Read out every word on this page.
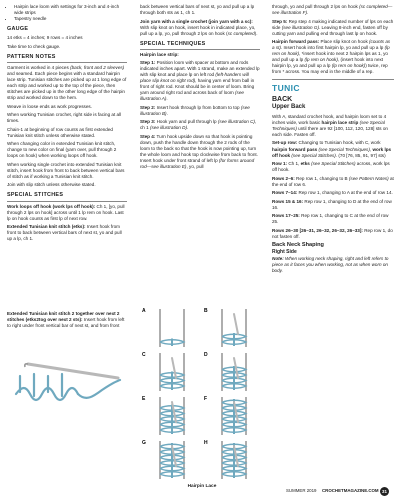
• Hairpin lace loom with settings for 3-inch and 4-inch wide strips
• Tapestry needle
GAUGE

14 etks = 4 inches; 9 rows = 4 inches

Take time to check gauge.

PATTERN NOTES

Garment is worked in 4 pieces (back, front and 2 sleeves) and seamed. Each piece begins with a standard hairpin lace strip. Tunisian stitches are picked up at 1 long edge of each strip and worked up to the top of the piece, then stitches are picked up in the other long edge of the hairpin strip and worked down to the hem.

Weave in loose ends as work progresses.

When working Tunisian crochet, right side is facing at all times.

Chain-1 at beginning of row counts as first extended Tunisian knit stitch unless otherwise stated.

When changing color in extended Tunisian knit stitch, change to new color on final (yarn over, pull through 2 loops on hook) when working loops off hook.

When working single crochet into extended Tunisian knit stitch, insert hook from front to back between vertical bars of stitch as if working a Tunisian knit stitch.

Join with slip stitch unless otherwise stated.

SPECIAL STITCHES

Work loops off hook (work lps off hook): Ch 1, [yo, pull through 2 lps on hook] across until 1 lp rem on hook. Last lp on hook counts as first lp of next row.

Extended Tunisian knit stitch (etks): Insert hook from front to back between vertical bars of next st, yo and pull up a lp, ch 1.

Extended Tunisian knit stitch 2 together over next 2 stitches (etks2tog over next 2 sts): Insert hook from left to right under front vertical bar of next st, and from front

back between vertical bars of next st, yo and pull up a lp through both sts as 1, ch 1.

Join yarn with a single crochet (join yarn with a sc): With slip knot on hook, insert hook in indicated place, yo, pull up a lp, yo, pull through 2 lps on hook (sc completed).

SPECIAL TECHNIQUES

Hairpin lace strip:

Step 1: Position loom with spacer at bottom and rods indicated inches apart. With 1 strand, make an extended lp with slip knot and place lp on left rod (left-handers will place slip knot on right rod), having yarn end from ball in front of right rod. Knot should be in center of loom. Bring yarn around right rod and across back of loom (see illustration A).

Step 2: Insert hook through lp from bottom to top (see illustration B).

Step 3: Hook yarn and pull through lp (see illustration C), ch 1 (see illustration D).

Step 4: Turn hook upside down so that hook is pointing down, push the handle down through the 2 rods of the loom to the back so that the hook is now pointing up, turn the whole loom and hook top clockwise from back to front. Insert hook under front strand of left lp (for forms around rod—see illustration E), yo, pull

A	B
C	D
E	F
G	H
Hairpin Lace

through, yo and pull through 2 lps on hook (sc completed—see illustration F).

Step 5: Rep step 4 making indicated number of lps on each side (see illustration G). Leaving 8-inch end, fasten off by cutting yarn and pulling end through last lp on hook.

Hairpin forward pass: Place slip knot on hook (counts as a st). Insert hook into first hairpin lp, yo and pull up a lp (lp rem on hook), *insert hook into next 2 hairpin lps as 1, yo and pull up a lp (lp rem on hook), (insert hook into next hairpin lp, yo and pull up a lp (lp rem on hook)) twice, rep from * across. You may end in the middle of a rep.

TUNIC
BACK
Upper Back

With A, standard crochet hook, and hairpin loom set to 4 inches wide, work basic hairpin lace strip (see Special Techniques) until there are 92 [100, 112, 120, 128] sts on each side. Fasten off.

Set-up row: Changing to Tunisian hook, with C, work hairpin forward pass (see Special Techniques), work lps off hook (see Special Stitches). (70 [76, 85, 91, 97] sts)

Row 1: Ch 1, etks (see Special Stitches) across, work lps off hook.

Rows 2–6: Rep row 1, changing to B (see Pattern Notes) at the end of row 6.

Rows 7–14: Rep row 1, changing to A at the end of row 14.

Rows 15 & 16: Rep row 1, changing to D at the end of row 16.

Rows 17–25: Rep row 1, changing to C at the end of row 25.

Rows 26–30 [26–31, 26–32, 26–32, 26–33]: Rep row 1, do not fasten off.

Back Neck Shaping
Right Side

Note: When working neck shaping, right and left refers to piece as it faces you when working, not as when worn on body.

SUMMER 2019 CROCHETMAGAZINE.COM 31
